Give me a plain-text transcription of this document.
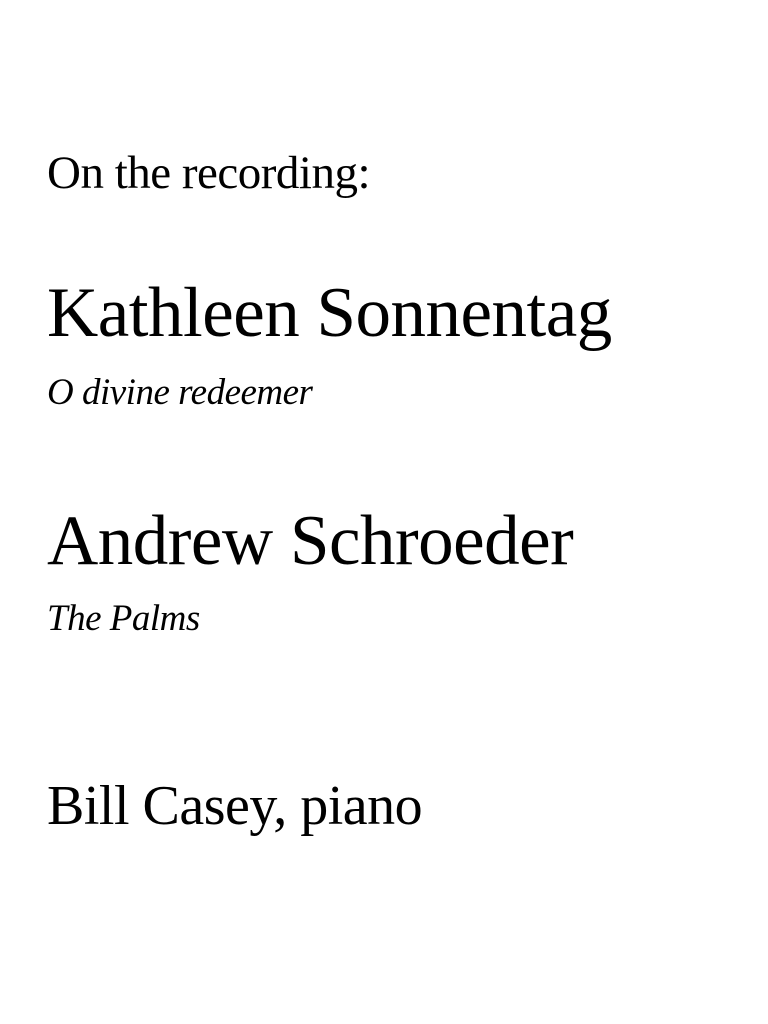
On the recording:
Kathleen Sonnentag
O divine redeemer
Andrew Schroeder
The Palms
Bill Casey, piano
